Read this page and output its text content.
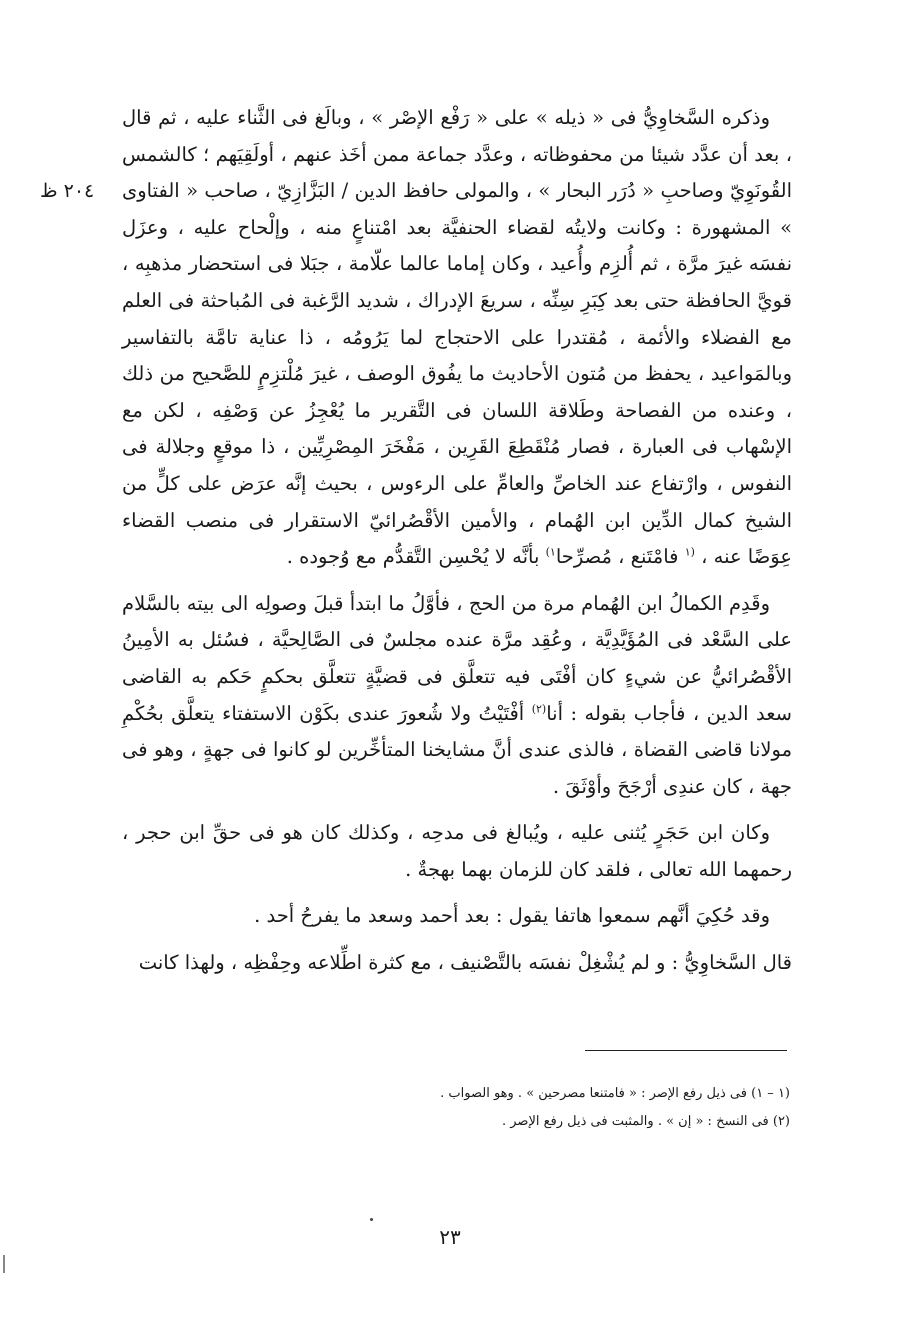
٢٠٤ ظ

وذكره السَّخاوِيُّ فى « ذيله » على « رَفْع الإصْر » ، وبالَغ فى الثَّناء عليه ، ثم قال ، بعد أن عدَّد شيئا من محفوظاته ، وعدَّد جماعة ممن أخَذ عنهم ، أولَقِيَهم ؛ كالشمس القُونَوِيّ وصاحبِ « دُرَر البحار » ، والمولى حافظ الدين / البَزَّازِيّ ، صاحب « الفتاوى » المشهورة : وكانت ولايتُه لقضاء الحنفيَّة بعد امْتناعٍ منه ، وإلْحاح عليه ، وعزَل نفسَه غيرَ مرَّة ، ثم أُلزِم وأُعيد ، وكان إماما عالما علّامة ، جبَلا فى استحضار مذهبِه ، قويَّ الحافظة حتى بعد كِبَرِ سِنِّه ، سريعَ الإدراك ، شديد الرَّغبة فى المُباحثة فى العلم مع الفضلاء والأئمة ، مُقتدرا على الاحتجاج لما يَرُومُه ، ذا عناية تامَّة بالتفاسير وبالمَواعيد ، يحفظ من مُتون الأحاديث ما يفُوق الوصف ، غيرَ مُلْتزِمٍ للصَّحيح من ذلك ، وعنده من الفصاحة وطَلاقة اللسان فى التَّقرير ما يُعْجِزُ عن وَصْفِه ، لكن مع الإسْهاب فى العبارة ، فصار مُنْقَطِعَ القَرِين ، مَفْخَرَ المِصْرِيِّين ، ذا موقعٍ وجلالة فى النفوس ، وارْتفاع عند الخاصِّ والعامِّ على الرءوس ، بحيث إنَّه عرَض على كلٍّ من الشيخ كمال الدِّين ابن الهُمام ، والأمين الأقْصُرائيّ الاستقرار فى منصب القضاء عِوَضًا عنه ، $^{(١}$ فامْتَنع ، مُصرِّحا$^{١)}$ بأنَّه لا يُحْسِن التَّقدُّم مع وُجوده .

وقَدِم الكمالُ ابن الهُمام مرة من الحج ، فأوَّلُ ما ابتدأ قبلَ وصولِه الى بيته بالسَّلام على السَّعْد فى المُؤَيَّدِيَّة ، وعُقِد مرَّة عنده مجلسٌ فى الصَّالِحيَّة ، فسُئل به الأمِينُ الأقْصُرائيُّ عن شيءٍ كان أفْتَى فيه تتعلَّق فى قضيَّةٍ تتعلَّق بحكمٍ حَكم به القاضى سعد الدين ، فأجاب بقوله : أنا$^{(٢)}$ أفْتَيْتُ ولا شُعورَ عندى بكَوْن الاستفتاء يتعلَّق بحُكْمِ مولانا قاضى القضاة ، فالذى عندى أنَّ مشايخنا المتأخِّرين لو كانوا فى جهةٍ ، وهو فى جهة ، كان عندِى أرْجَحَ وأوْثَقَ .

وكان ابن حَجَرٍ يُثنى عليه ، ويُبالغ فى مدحِه ، وكذلك كان هو فى حقِّ ابن حجر ، رحمهما الله تعالى ، فلقد كان للزمان بهما بهجةٌ .

وقد حُكِيَ أنَّهم سمعوا هاتفا يقول : بعد أحمد وسعد ما يفرحُ أحد .

قال السَّخاوِيُّ : و لم يُشْغِلْ نفسَه بالتَّصْنيف ، مع كثرة اطِّلاعه وحِفْظِه ، ولهذا كانت

(١ – ١) فى ذيل رفع الإصر : « فامتنعا مصرحين » . وهو الصواب .

(٢) فى النسخ : « إن » . والمثبت فى ذيل رفع الإصر .

٢٣
